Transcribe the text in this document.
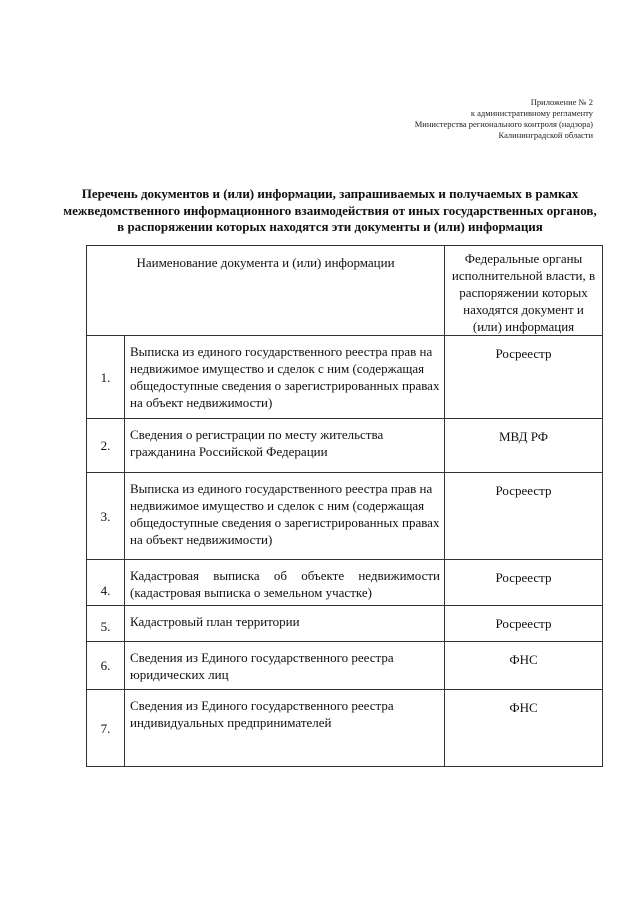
Приложение № 2
к административному регламенту
Министерства регионального контроля (надзора)
Калининградской области
Перечень документов и (или) информации, запрашиваемых и получаемых в рамках межведомственного информационного взаимодействия от иных государственных органов, в распоряжении которых находятся эти документы и (или) информация
Наименование документа и (или) информации		Федеральные органы исполнительной власти, в распоряжении которых находятся документ и (или) информация
1.	Выписка из единого государственного реестра прав на недвижимое имущество и сделок с ним (содержащая общедоступные сведения о зарегистрированных правах на объект недвижимости)	Росреестр
2.	Сведения о регистрации по месту жительства гражданина Российской Федерации	МВД РФ
3.	Выписка из единого государственного реестра прав на недвижимое имущество и сделок с ним (содержащая общедоступные сведения о зарегистрированных правах на объект недвижимости)	Росреестр
4.	Кадастровая выписка об объекте недвижимости (кадастровая выписка о земельном участке)	Росреестр
5.	Кадастровый план территории	Росреестр
6.	Сведения из Единого государственного реестра юридических лиц	ФНС
7.	Сведения из Единого государственного реестра индивидуальных предпринимателей	ФНС
